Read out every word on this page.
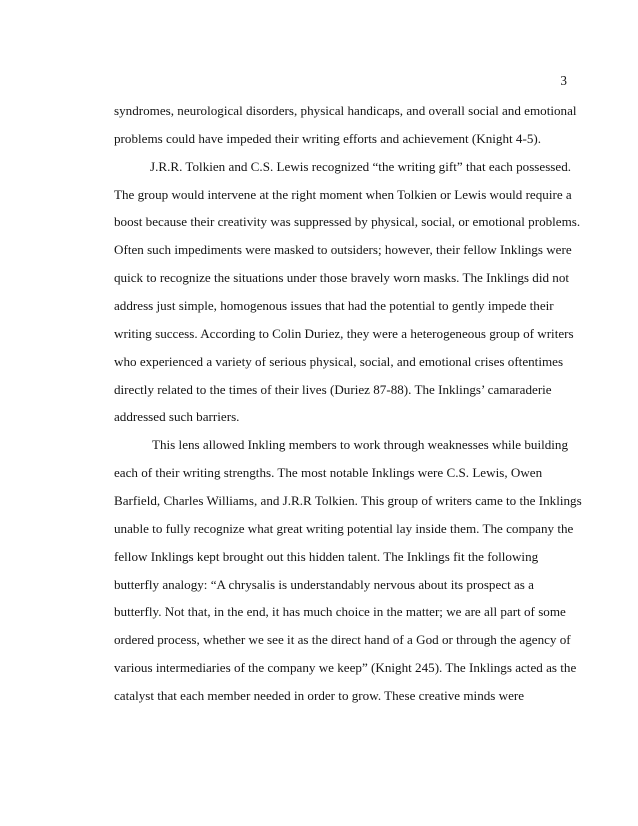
3
syndromes, neurological disorders, physical handicaps, and overall social and emotional
problems could have impeded their writing efforts and achievement (Knight 4-5).
J.R.R. Tolkien and C.S. Lewis recognized “the writing gift” that each possessed.
The group would intervene at the right moment when Tolkien or Lewis would require a
boost because their creativity was suppressed by physical, social, or emotional problems.
Often such impediments were masked to outsiders; however, their fellow Inklings were
quick to recognize the situations under those bravely worn masks. The Inklings did not
address just simple, homogenous issues that had the potential to gently impede their
writing success. According to Colin Duriez, they were a heterogeneous group of writers
who experienced a variety of serious physical, social, and emotional crises oftentimes
directly related to the times of their lives (Duriez 87-88). The Inklings’ camaraderie
addressed such barriers.
This lens allowed Inkling members to work through weaknesses while building
each of their writing strengths. The most notable Inklings were C.S. Lewis, Owen
Barfield, Charles Williams, and J.R.R Tolkien. This group of writers came to the Inklings
unable to fully recognize what great writing potential lay inside them. The company the
fellow Inklings kept brought out this hidden talent. The Inklings fit the following
butterfly analogy: “A chrysalis is understandably nervous about its prospect as a
butterfly. Not that, in the end, it has much choice in the matter; we are all part of some
ordered process, whether we see it as the direct hand of a God or through the agency of
various intermediaries of the company we keep” (Knight 245). The Inklings acted as the
catalyst that each member needed in order to grow. These creative minds were
